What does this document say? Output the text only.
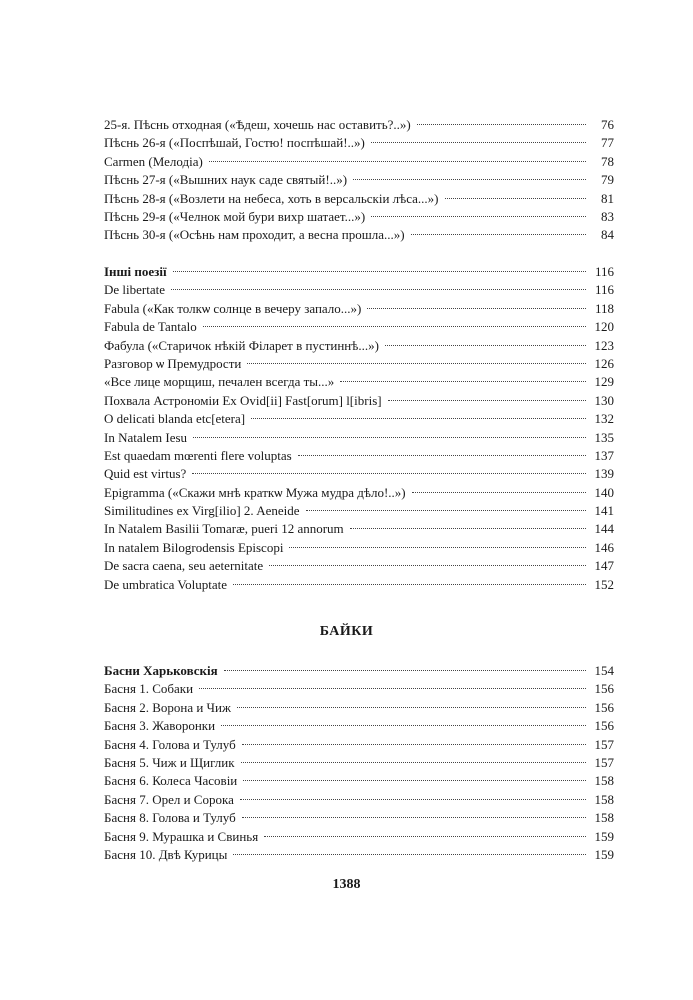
25-я. Пѣснь отходная («Ѣдеш, хочешь нас оставить?..»)	76
Пѣснь 26-я («Поспѣшай, Гостю! поспѣшай!..»)	77
Carmen (Мелодіа)	78
Пѣснь 27-я («Вышних наук саде святый!..»)	79
Пѣснь 28-я («Возлети на небеса, хоть в версальскіи лѣса...»)	81
Пѣснь 29-я («Челнок мой бури вихр шатает...»)	83
Пѣснь 30-я («Осѣнь нам проходит, а весна прошла...»)	84
Інші поезії	116
De libertate	116
Fabula («Как толкѡ солнце в вечеру запало...»)	118
Fabula de Tantalo	120
Фабула («Старичок нѣкій Філарет в пустиннѣ...»)	123
Разговор ѡ Премудрости	126
«Все лице морщиш, печален всегда ты...»	129
Похвала Астрономіи Ex Ovid[ii] Fast[orum] l[ibris]	130
O delicati blanda etc[etera]	132
In Natalem Iesu	135
Est quaedam mœrenti flere voluptas	137
Quid est virtus?	139
Epigramma («Скажи мнѣ краткѡ Мужа мудра дѣло!..»)	140
Similitudines ex Virg[ilio] 2. Aeneide	141
In Natalem Basilii Tomaræ, pueri 12 annorum	144
In natalem Bilogrodensis Episcopi	146
De sacra caena, seu aeternitate	147
De umbratica Voluptate	152
БАЙКИ
Басни Харьковскія	154
Басня 1. Собаки	156
Басня 2. Ворона и Чиж	156
Басня 3. Жаворонки	156
Басня 4. Голова и Тулуб	157
Басня 5. Чиж и Щиглик	157
Басня 6. Колеса Часовіи	158
Басня 7. Орел и Сорока	158
Басня 8. Голова и Тулуб	158
Басня 9. Мурашка и Свинья	159
Басня 10. Двѣ Курицы	159
1388
